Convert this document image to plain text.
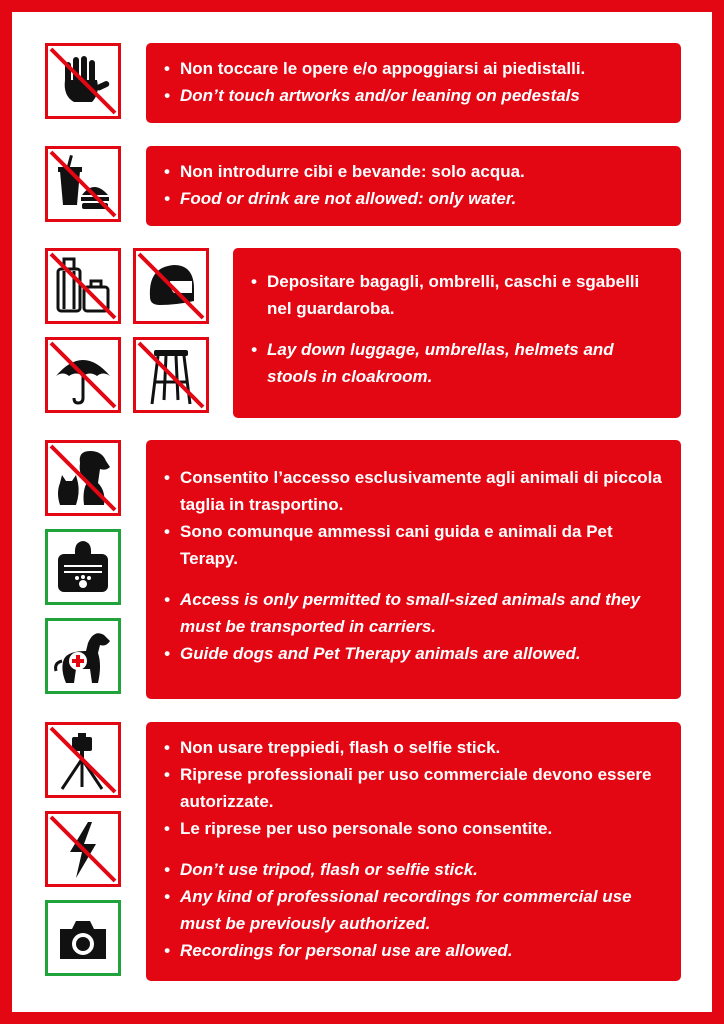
• Non toccare le opere e/o appoggiarsi ai piedistalli.
• Don’t touch artworks and/or leaning on pedestals
• Non introdurre cibi e bevande: solo acqua.
• Food or drink are not allowed: only water.
• Depositare bagagli, ombrelli, caschi e sgabelli nel guardaroba.
• Lay down luggage, umbrellas, helmets and stools in cloakroom.
• Consentito l’accesso esclusivamente agli animali di piccola taglia in trasportino.
• Sono comunque ammessi cani guida e animali da Pet Terapy.
• Access is only permitted to small-sized animals and they must be transported in carriers.
• Guide dogs and Pet Therapy animals are allowed.
• Non usare treppiedi, flash o selfie stick.
• Riprese professionali per uso commerciale devono essere autorizzate.
• Le riprese per uso personale sono consentite.
• Don’t use tripod, flash or selfie stick.
• Any kind of professional recordings for commercial use must be previously authorized.
• Recordings for personal use are allowed.
